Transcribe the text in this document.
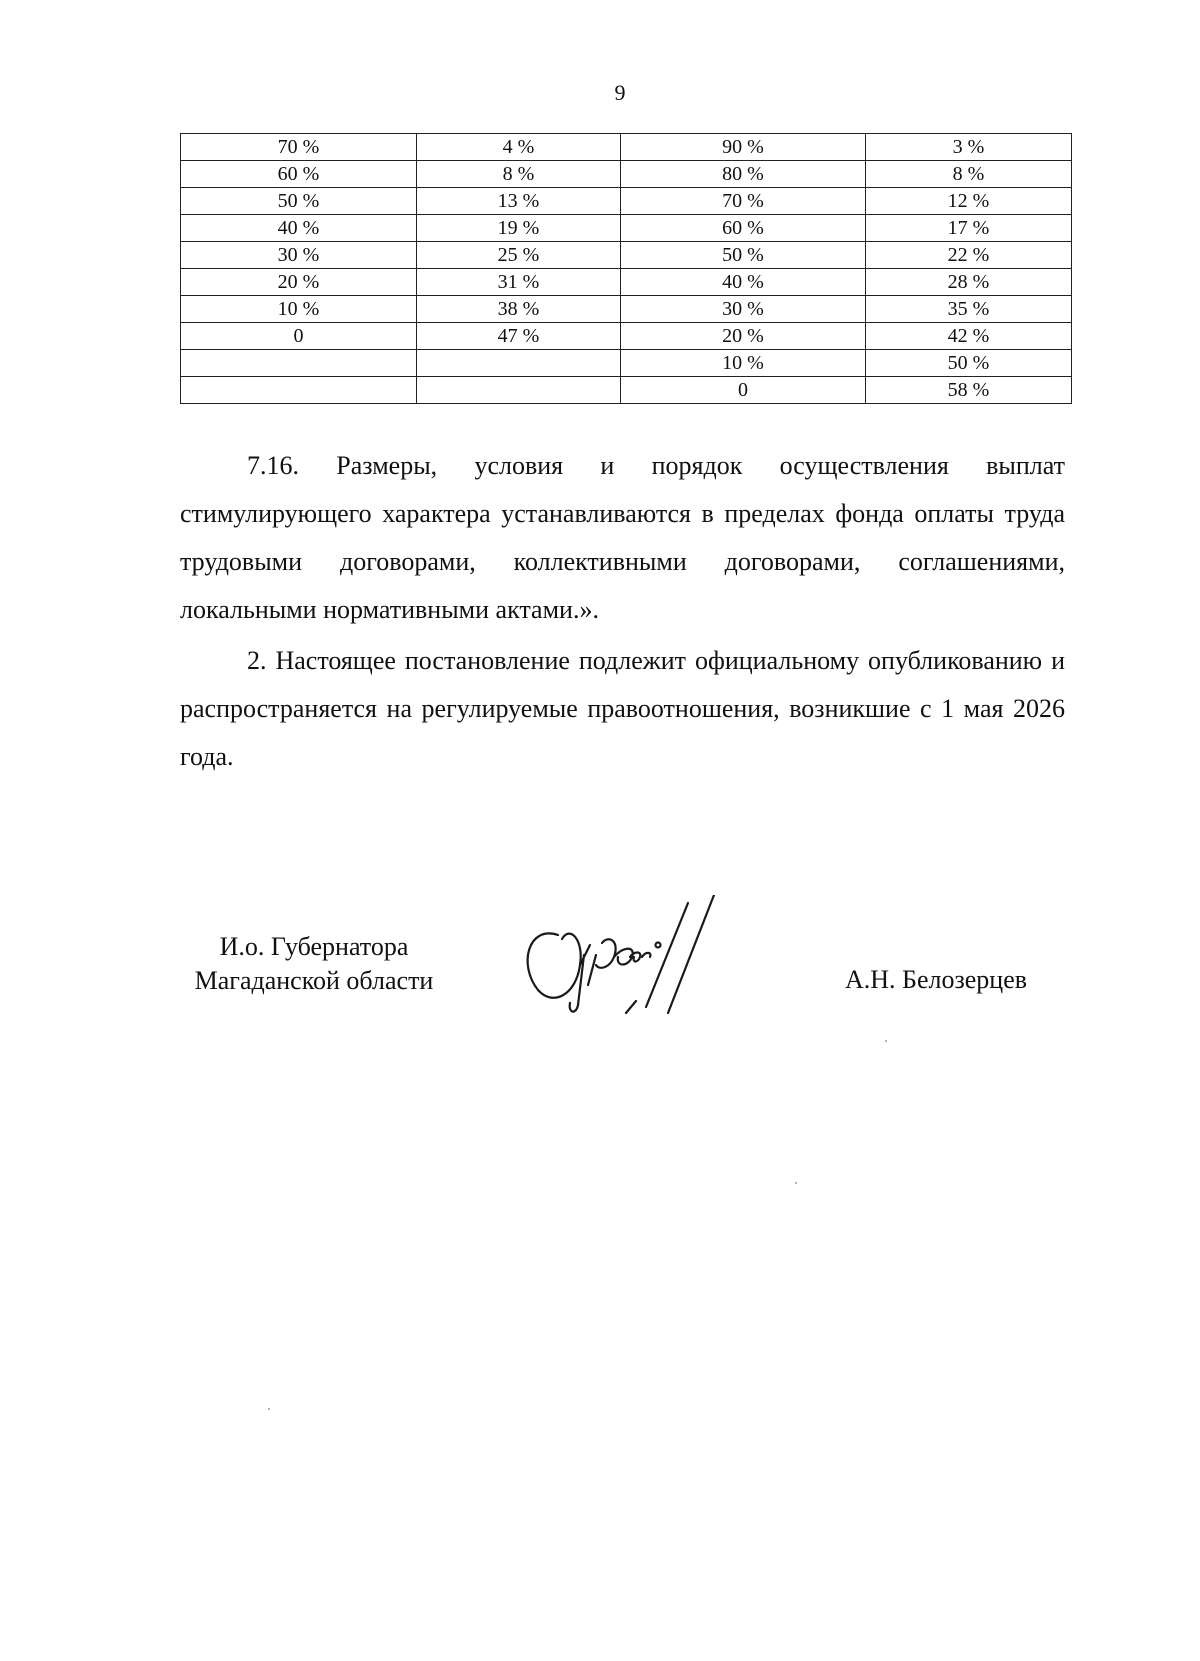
9
70 %	4 %	90 %	3 %
60 %	8 %	80 %	8 %
50 %	13 %	70 %	12 %
40 %	19 %	60 %	17 %
30 %	25 %	50 %	22 %
20 %	31 %	40 %	28 %
10 %	38 %	30 %	35 %
0	47 %	20 %	42 %
		10 %	50 %
		0	58 %

7.16. Размеры, условия и порядок осуществления выплат стимулирующего характера устанавливаются в пределах фонда оплаты труда трудовыми договорами, коллективными договорами, соглашениями, локальными нормативными актами.».

2. Настоящее постановление подлежит официальному опубликованию и распространяется на регулируемые правоотношения, возникшие с 1 мая 2026 года.

И.о. Губернатора
Магаданской области	А.Н. Белозерцев
